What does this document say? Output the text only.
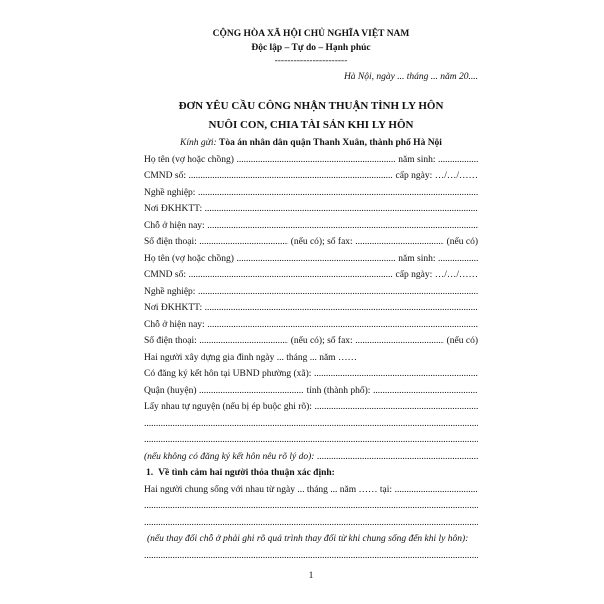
CỘNG HÒA XÃ HỘI CHỦ NGHĨA VIỆT NAM
Độc lập – Tự do – Hạnh phúc
-----------------------
Hà Nội, ngày ... tháng ... năm 20....
ĐƠN YÊU CẦU CÔNG NHẬN THUẬN TÌNH LY HÔN
NUÔI CON, CHIA TÀI SẢN KHI LY HÔN
Kính gửi: Tòa án nhân dân quận Thanh Xuân, thành phố Hà Nội
Họ tên (vợ hoặc chồng) .....	năm sinh:
.....
CMND số: .....	cấp ngày: …/…/……
Nghề nghiệp:
.....
Nơi ĐKHKTT:
.....
Chỗ ở hiện nay:
.....
Số điện thoại: .....	(nếu có); số fax: .....	(nếu có)
Họ tên (vợ hoặc chồng) .....	năm sinh:
.....
CMND số: .....	cấp ngày: …/…/……
Nghề nghiệp:
.....
Nơi ĐKHKTT:
.....
Chỗ ở hiện nay:
.....
Số điện thoại: .....	(nếu có); số fax: .....	(nếu có)
Hai người xây dựng gia đình ngày ... tháng ... năm ……
Có đăng ký kết hôn tại UBND phường (xã):
.....
Quận (huyện) .....	tỉnh (thành phố):
.....
Lấy nhau tự nguyện (nếu bị ép buộc ghi rõ):
.....
.....
.....
(nếu không có đăng ký kết hôn nêu rõ lý do):
.....
1. Về tình cảm hai người thỏa thuận xác định:
Hai người chung sống với nhau từ ngày ... tháng ... năm …… tại:
.....
.....
.....
(nếu thay đổi chỗ ở phải ghi rõ quá trình thay đổi từ khi chung sống đến khi ly hôn):
.....
1
